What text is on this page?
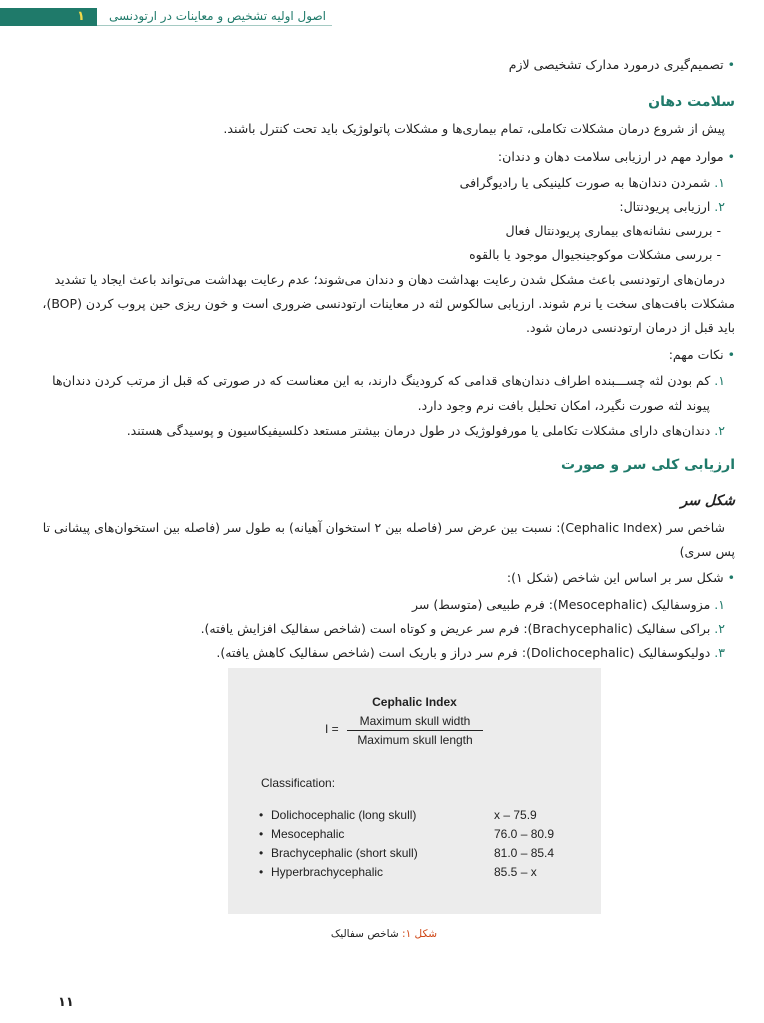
۱ اصول اولیه تشخیص و معاینات در ارتودنسی
• تصمیم‌گیری درمورد مدارک تشخیصی لازم
سلامت دهان
پیش از شروع درمان مشکلات تکاملی، تمام بیماری‌ها و مشکلات پاتولوژیک باید تحت کنترل باشند.
• موارد مهم در ارزیابی سلامت دهان و دندان:
۱. شمردن دندان‌ها به صورت کلینیکی یا رادیوگرافی
۲. ارزیابی پریودنتال:
- بررسی نشانه‌های بیماری پریودنتال فعال
- بررسی مشکلات موکوجینجیوال موجود یا بالقوه
درمان‌های ارتودنسی باعث مشکل شدن رعایت بهداشت دهان و دندان می‌شوند؛ عدم رعایت بهداشت می‌تواند باعث ایجاد یا تشدید
مشکلات بافت‌های سخت یا نرم شوند. ارزیابی سالکوس لثه در معاینات ارتودنسی ضروری است و خون ریزی حین پروب کردن (BOP)،
باید قبل از درمان ارتودنسی درمان شود.
• نکات مهم:
۱. کم بودن لثه چســـبنده اطراف دندان‌های قدامی که کرودینگ دارند، به این معناست که در صورتی که قبل از مرتب کردن دندان‌ها
پیوند لثه صورت نگیرد، امکان تحلیل بافت نرم وجود دارد.
۲. دندان‌های دارای مشکلات تکاملی یا مورفولوژیک در طول درمان بیشتر مستعد دکلسیفیکاسیون و پوسیدگی هستند.
ارزیابی کلی سر و صورت
شکل سر
شاخص سر (Cephalic Index): نسبت بین عرض سر (فاصله بین ۲ استخوان آهیانه) به طول سر (فاصله بین استخوان‌های پیشانی تا
پس سری)
• شکل سر بر اساس این شاخص (شکل ۱):
۱. مزوسفالیک (Mesocephalic): فرم طبیعی (متوسط) سر
۲. براکی سفالیک (Brachycephalic): فرم سر عریض و کوتاه است (شاخص سفالیک افزایش یافته).
۳. دولیکوسفالیک (Dolichocephalic): فرم سر دراز و باریک است (شاخص سفالیک کاهش یافته).
Cephalic Index
I =
Maximum skull width
Maximum skull length
Classification:
• Dolichocephalic (long skull)	x – 75.9
• Mesocephalic	76.0 – 80.9
• Brachycephalic (short skull)	81.0 – 85.4
• Hyperbrachycephalic	85.5 – x
شکل ۱: شاخص سفالیک
۱۱
